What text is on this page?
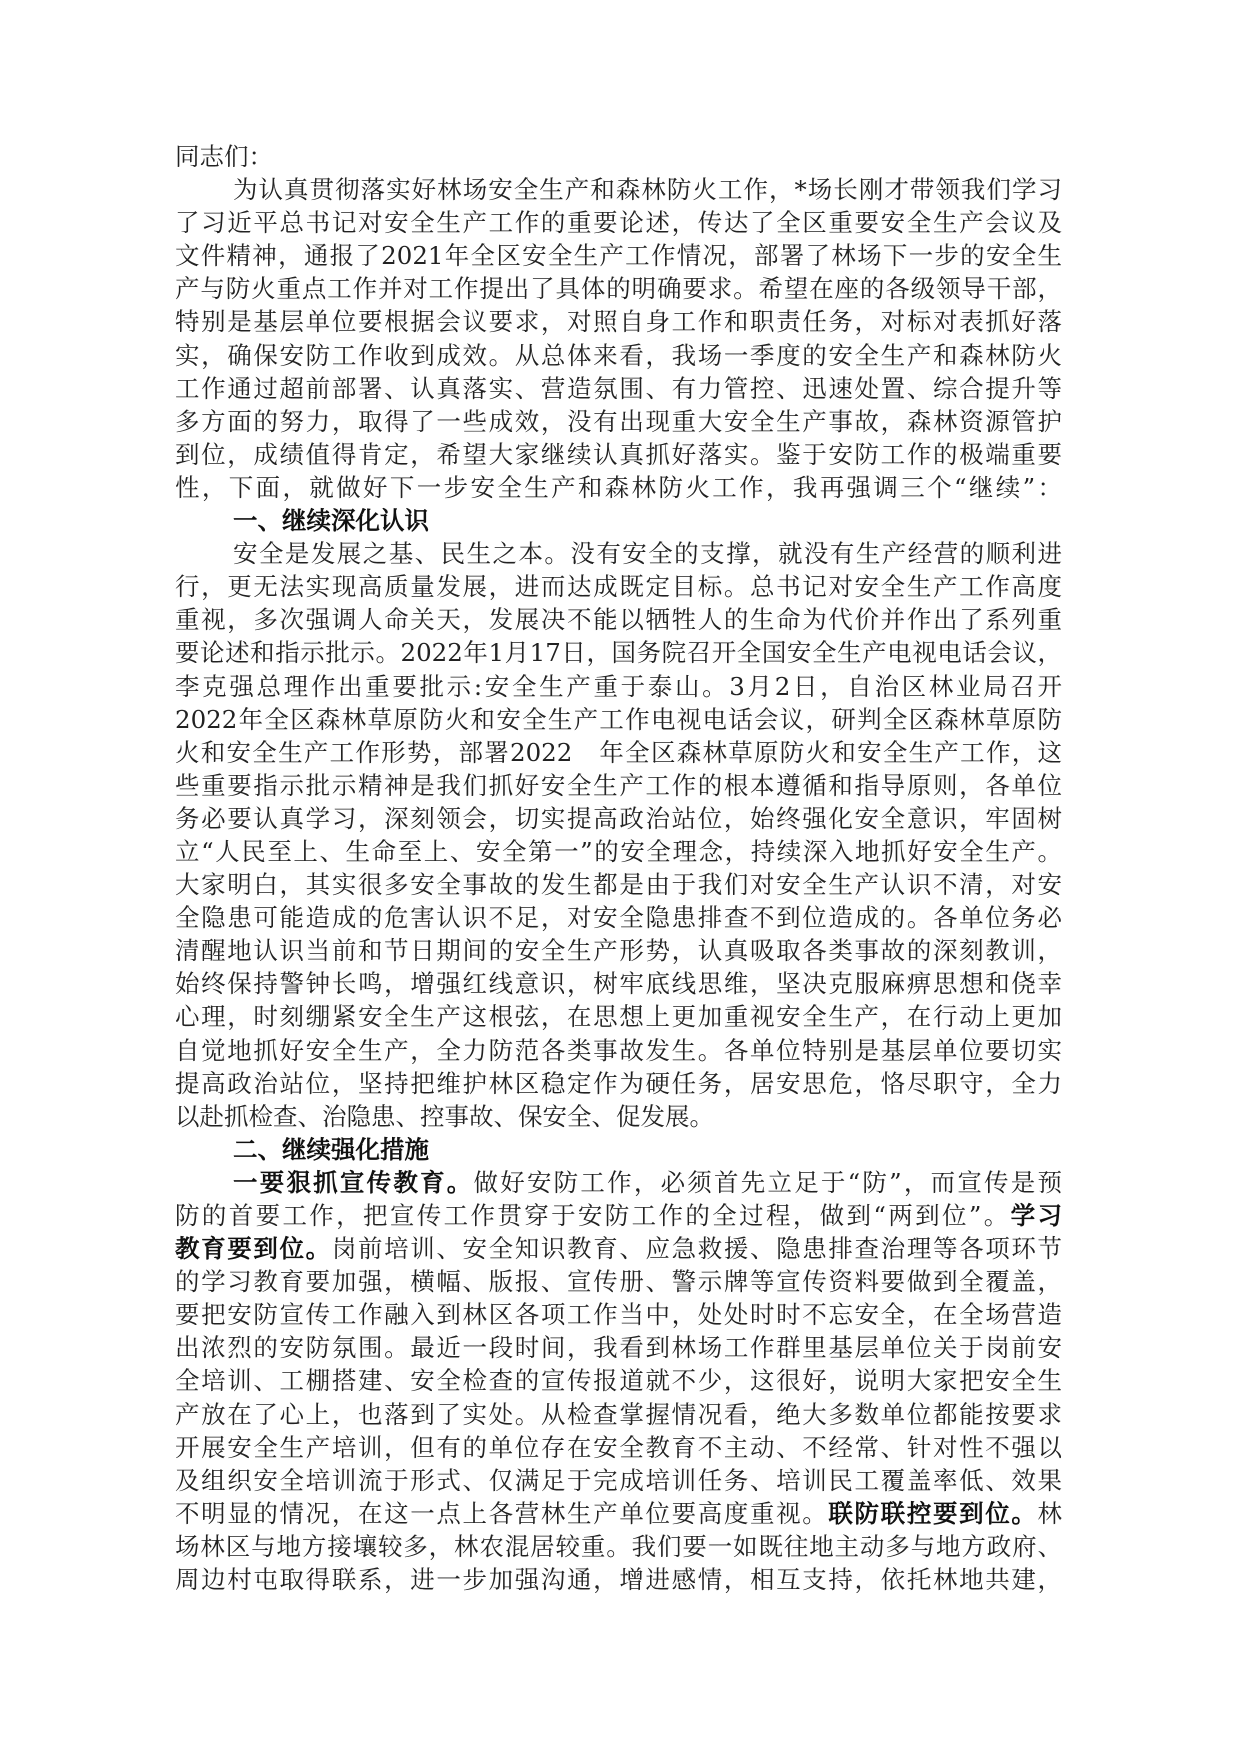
同志们：
为认真贯彻落实好林场安全生产和森林防火工作，*场长刚才带领我们学习
了习近平总书记对安全生产工作的重要论述，传达了全区重要安全生产会议及
文件精神，通报了2021年全区安全生产工作情况，部署了林场下一步的安全生
产与防火重点工作并对工作提出了具体的明确要求。希望在座的各级领导干部，
特别是基层单位要根据会议要求，对照自身工作和职责任务，对标对表抓好落
实，确保安防工作收到成效。从总体来看，我场一季度的安全生产和森林防火
工作通过超前部署、认真落实、营造氛围、有力管控、迅速处置、综合提升等
多方面的努力，取得了一些成效，没有出现重大安全生产事故，森林资源管护
到位，成绩值得肯定，希望大家继续认真抓好落实。鉴于安防工作的极端重要
性，下面，就做好下一步安全生产和森林防火工作，我再强调三个“继续”：
一、继续深化认识
安全是发展之基、民生之本。没有安全的支撑，就没有生产经营的顺利进
行，更无法实现高质量发展，进而达成既定目标。总书记对安全生产工作高度
重视，多次强调人命关天，发展决不能以牺牲人的生命为代价并作出了系列重
要论述和指示批示。2022年1月17日，国务院召开全国安全生产电视电话会议，
李克强总理作出重要批示:安全生产重于泰山。3月2日，自治区林业局召开
2022年全区森林草原防火和安全生产工作电视电话会议，研判全区森林草原防
火和安全生产工作形势，部署2022　年全区森林草原防火和安全生产工作，这
些重要指示批示精神是我们抓好安全生产工作的根本遵循和指导原则，各单位
务必要认真学习，深刻领会，切实提高政治站位，始终强化安全意识，牢固树
立“人民至上、生命至上、安全第一”的安全理念，持续深入地抓好安全生产。
大家明白，其实很多安全事故的发生都是由于我们对安全生产认识不清，对安
全隐患可能造成的危害认识不足，对安全隐患排查不到位造成的。各单位务必
清醒地认识当前和节日期间的安全生产形势，认真吸取各类事故的深刻教训，
始终保持警钟长鸣，增强红线意识，树牢底线思维，坚决克服麻痹思想和侥幸
心理，时刻绷紧安全生产这根弦，在思想上更加重视安全生产，在行动上更加
自觉地抓好安全生产，全力防范各类事故发生。各单位特别是基层单位要切实
提高政治站位，坚持把维护林区稳定作为硬任务，居安思危，恪尽职守，全力
以赴抓检查、治隐患、控事故、保安全、促发展。
二、继续强化措施
一要狠抓宣传教育。做好安防工作，必须首先立足于“防”，而宣传是预
防的首要工作，把宣传工作贯穿于安防工作的全过程，做到“两到位”。学习
教育要到位。岗前培训、安全知识教育、应急救援、隐患排查治理等各项环节
的学习教育要加强，横幅、版报、宣传册、警示牌等宣传资料要做到全覆盖，
要把安防宣传工作融入到林区各项工作当中，处处时时不忘安全，在全场营造
出浓烈的安防氛围。最近一段时间，我看到林场工作群里基层单位关于岗前安
全培训、工棚搭建、安全检查的宣传报道就不少，这很好，说明大家把安全生
产放在了心上，也落到了实处。从检查掌握情况看，绝大多数单位都能按要求
开展安全生产培训，但有的单位存在安全教育不主动、不经常、针对性不强以
及组织安全培训流于形式、仅满足于完成培训任务、培训民工覆盖率低、效果
不明显的情况，在这一点上各营林生产单位要高度重视。联防联控要到位。林
场林区与地方接壤较多，林农混居较重。我们要一如既往地主动多与地方政府、
周边村屯取得联系，进一步加强沟通，增进感情，相互支持，依托林地共建，
